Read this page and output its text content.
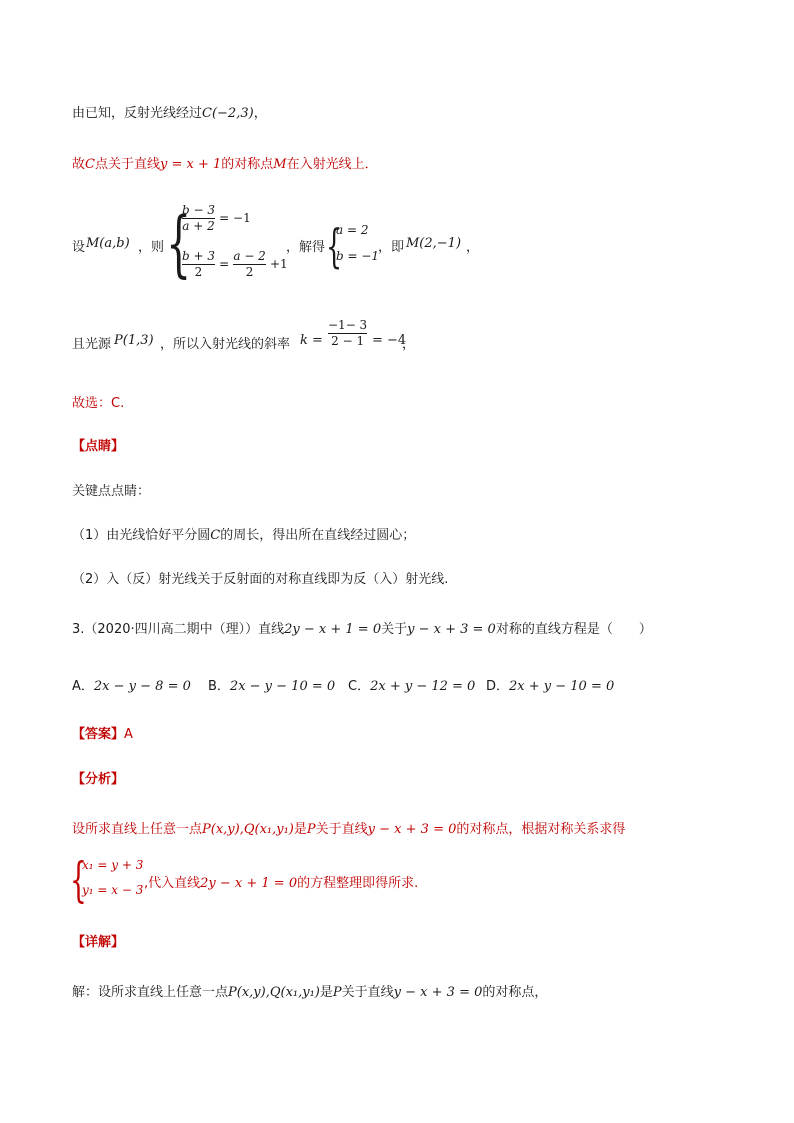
由已知，反射光线经过C(−2,3)，
故C点关于直线y = x + 1的对称点M在入射光线上．
设 M(a,b) ，则 {
$\frac{b - 3}{a + 2} = -1$
$\frac{b + 3}{2} = \frac{a - 2}{2} +1$
，解得 {
a = 2
b = −1
，即 M(2,−1) ，
且光源 P(1,3) ，所以入射光线的斜率 $k = \frac{-1- 3}{2 - 1} = -4$
，
故选：C.
【点睛】
关键点点睛：
（1）由光线恰好平分圆C的周长，得出所在直线经过圆心；
（2）入（反）射光线关于反射面的对称直线即为反（入）射光线.
3.（2020·四川高二期中（理））直线2y − x + 1 = 0关于y − x + 3 = 0对称的直线方程是（　　）
A．2x − y − 8 = 0 B．2x − y − 10 = 0 C．2x + y − 12 = 0 D．2x + y − 10 = 0
【答案】A
【分析】
设所求直线上任意一点P(x,y),Q(x₁,y₁)是P关于直线y − x + 3 = 0的对称点，根据对称关系求得
{
x₁ = y + 3
y₁ = x − 3 ,代入直线2y − x + 1 = 0的方程整理即得所求.
【详解】
解：设所求直线上任意一点P(x,y),Q(x₁,y₁)是P关于直线y − x + 3 = 0的对称点，
